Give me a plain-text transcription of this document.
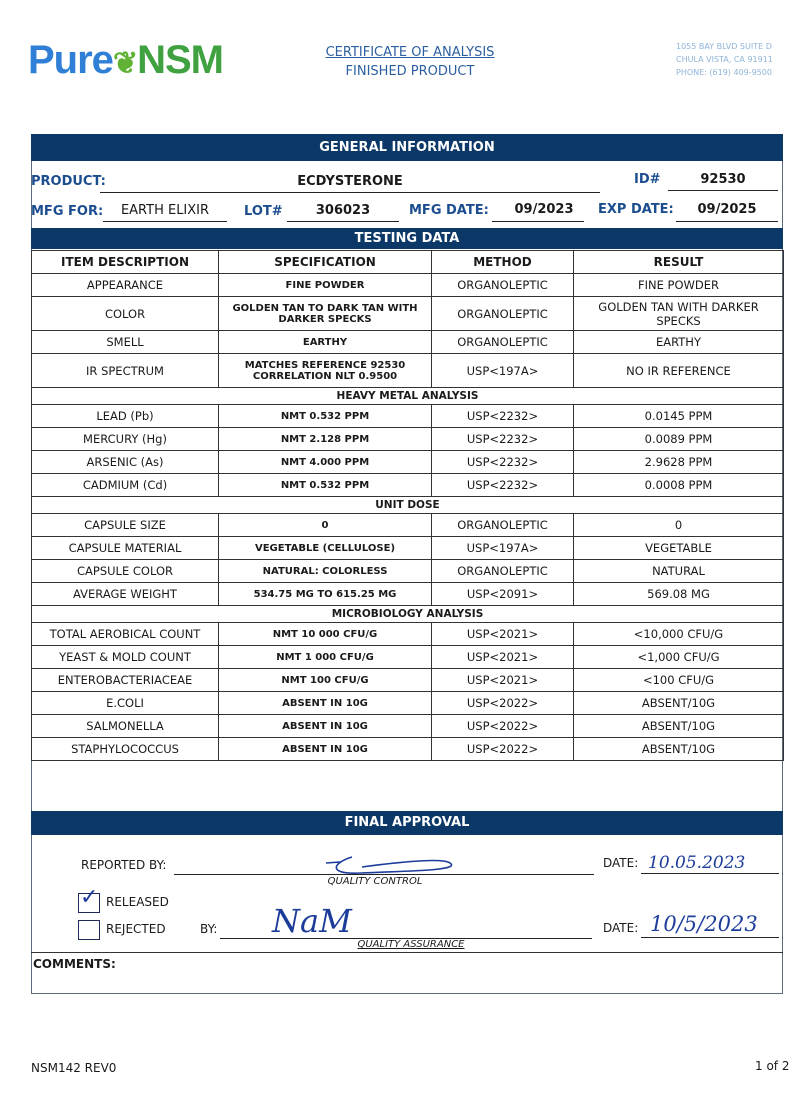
Pure❦NSM	CERTIFICATE OF ANALYSIS
FINISHED PRODUCT
1055 BAY BLVD SUITE D
CHULA VISTA, CA 91911
PHONE: (619) 409-9500
GENERAL INFORMATION
PRODUCT:	ECDYSTERONE	ID#	92530
MFG FOR:	EARTH ELIXIR	LOT#	306023	MFG DATE:	09/2023	EXP DATE:	09/2025
TESTING DATA
ITEM DESCRIPTION	SPECIFICATION	METHOD	RESULT
APPEARANCE	FINE POWDER	ORGANOLEPTIC	FINE POWDER
COLOR	GOLDEN TAN TO DARK TAN WITH DARKER SPECKS	ORGANOLEPTIC	GOLDEN TAN WITH DARKER SPECKS
SMELL	EARTHY	ORGANOLEPTIC	EARTHY
IR SPECTRUM	MATCHES REFERENCE 92530 CORRELATION NLT 0.9500	USP<197A>	NO IR REFERENCE
HEAVY METAL ANALYSIS			
LEAD (Pb)	NMT 0.532 PPM	USP<2232>	0.0145 PPM
MERCURY (Hg)	NMT 2.128 PPM	USP<2232>	0.0089 PPM
ARSENIC (As)	NMT 4.000 PPM	USP<2232>	2.9628 PPM
CADMIUM (Cd)	NMT 0.532 PPM	USP<2232>	0.0008 PPM
UNIT DOSE			
CAPSULE SIZE	0	ORGANOLEPTIC	0
CAPSULE MATERIAL	VEGETABLE (CELLULOSE)	USP<197A>	VEGETABLE
CAPSULE COLOR	NATURAL: COLORLESS	ORGANOLEPTIC	NATURAL
AVERAGE WEIGHT	534.75 MG TO 615.25 MG	USP<2091>	569.08 MG
MICROBIOLOGY ANALYSIS			
TOTAL AEROBICAL COUNT	NMT 10 000 CFU/G	USP<2021>	<10,000 CFU/G
YEAST & MOLD COUNT	NMT 1 000 CFU/G	USP<2021>	<1,000 CFU/G
ENTEROBACTERIACEAE	NMT 100 CFU/G	USP<2021>	<100 CFU/G
E.COLI	ABSENT IN 10G	USP<2022>	ABSENT/10G
SALMONELLA	ABSENT IN 10G	USP<2022>	ABSENT/10G
STAPHYLOCOCCUS	ABSENT IN 10G	USP<2022>	ABSENT/10G
FINAL APPROVAL
REPORTED BY:
QUALITY CONTROL
DATE: 10.05.2023
✓ RELEASED
REJECTED	BY: NaM
QUALITY ASSURANCE
DATE: 10/5/2023
COMMENTS:
NSM142 REV0	1 of 2
